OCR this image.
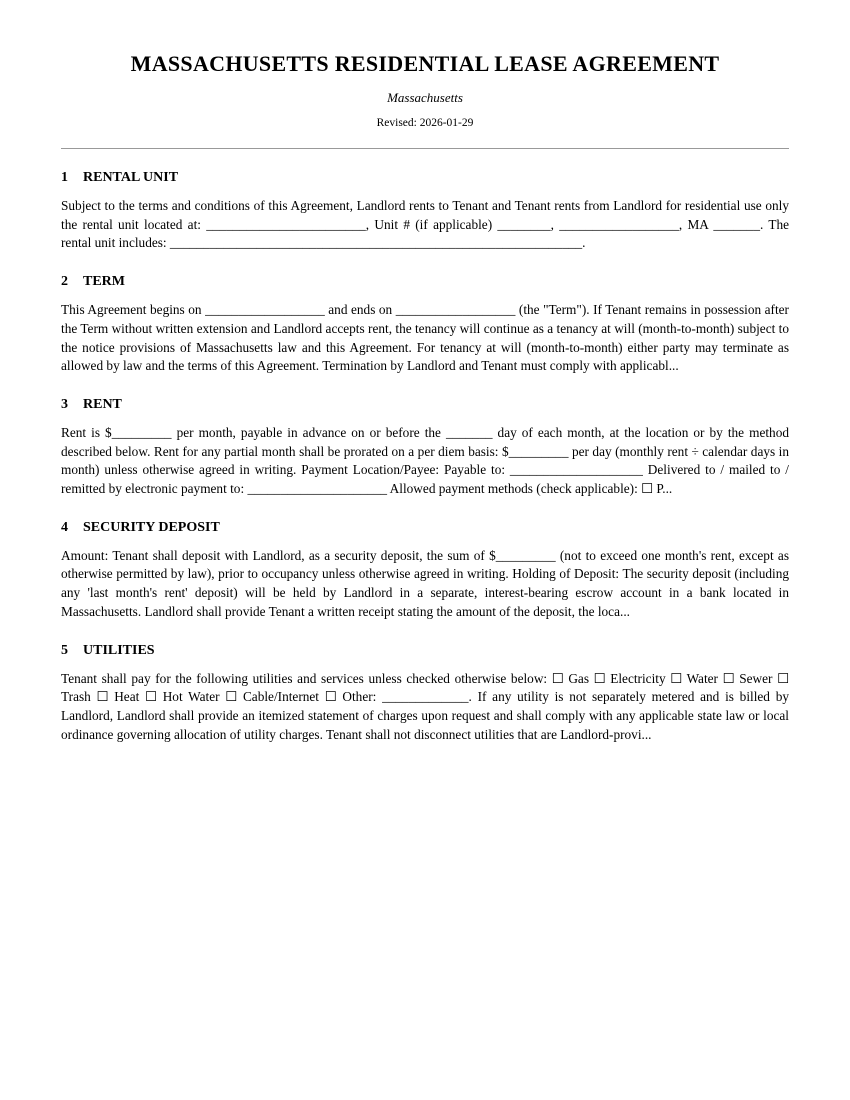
MASSACHUSETTS RESIDENTIAL LEASE AGREEMENT
Massachusetts
Revised: 2026-01-29
1 RENTAL UNIT

Subject to the terms and conditions of this Agreement, Landlord rents to Tenant and Tenant rents from Landlord for residential use only the rental unit located at: ________________________, Unit # (if applicable) ________, __________________, MA _______. The rental unit includes: ______________________________________________________________.

2 TERM

This Agreement begins on __________________ and ends on __________________ (the "Term"). If Tenant remains in possession after the Term without written extension and Landlord accepts rent, the tenancy will continue as a tenancy at will (month-to-month) subject to the notice provisions of Massachusetts law and this Agreement. For tenancy at will (month-to-month) either party may terminate as allowed by law and the terms of this Agreement. Termination by Landlord and Tenant must comply with applicabl...

3 RENT

Rent is $_________ per month, payable in advance on or before the _______ day of each month, at the location or by the method described below. Rent for any partial month shall be prorated on a per diem basis: $_________ per day (monthly rent ÷ calendar days in month) unless otherwise agreed in writing. Payment Location/Payee: Payable to: ____________________ Delivered to / mailed to / remitted by electronic payment to: _____________________ Allowed payment methods (check applicable): ☐ P...

4 SECURITY DEPOSIT

Amount: Tenant shall deposit with Landlord, as a security deposit, the sum of $_________ (not to exceed one month's rent, except as otherwise permitted by law), prior to occupancy unless otherwise agreed in writing. Holding of Deposit: The security deposit (including any 'last month's rent' deposit) will be held by Landlord in a separate, interest-bearing escrow account in a bank located in Massachusetts. Landlord shall provide Tenant a written receipt stating the amount of the deposit, the loca...

5 UTILITIES

Tenant shall pay for the following utilities and services unless checked otherwise below: ☐ Gas ☐ Electricity ☐ Water ☐ Sewer ☐ Trash ☐ Heat ☐ Hot Water ☐ Cable/Internet ☐ Other: _____________. If any utility is not separately metered and is billed by Landlord, Landlord shall provide an itemized statement of charges upon request and shall comply with any applicable state law or local ordinance governing allocation of utility charges. Tenant shall not disconnect utilities that are Landlord-provi...
